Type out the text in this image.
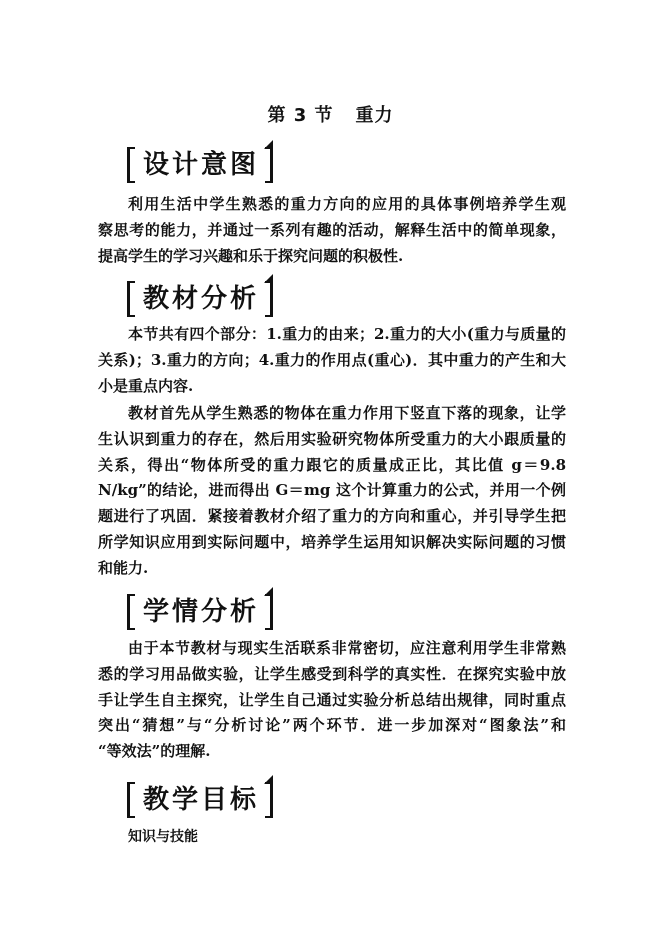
第 3 节 重力
设计意图
利用生活中学生熟悉的重力方向的应用的具体事例培养学生观
察思考的能力，并通过一系列有趣的活动，解释生活中的简单现象，
提高学生的学习兴趣和乐于探究问题的积极性.
教材分析
本节共有四个部分：1.重力的由来；2.重力的大小(重力与质量的
关系)；3.重力的方向；4.重力的作用点(重心)．其中重力的产生和大
小是重点内容.
教材首先从学生熟悉的物体在重力作用下竖直下落的现象，让学
生认识到重力的存在，然后用实验研究物体所受重力的大小跟质量的
关系，得出“物体所受的重力跟它的质量成正比，其比值 g＝9.8
N/kg”的结论，进而得出 G＝mg 这个计算重力的公式，并用一个例
题进行了巩固．紧接着教材介绍了重力的方向和重心，并引导学生把
所学知识应用到实际问题中，培养学生运用知识解决实际问题的习惯
和能力.
学情分析
由于本节教材与现实生活联系非常密切，应注意利用学生非常熟
悉的学习用品做实验，让学生感受到科学的真实性．在探究实验中放
手让学生自主探究，让学生自己通过实验分析总结出规律，同时重点
突出“猜想”与“分析讨论”两个环节．进一步加深对“图象法”和
“等效法”的理解.
教学目标
知识与技能
